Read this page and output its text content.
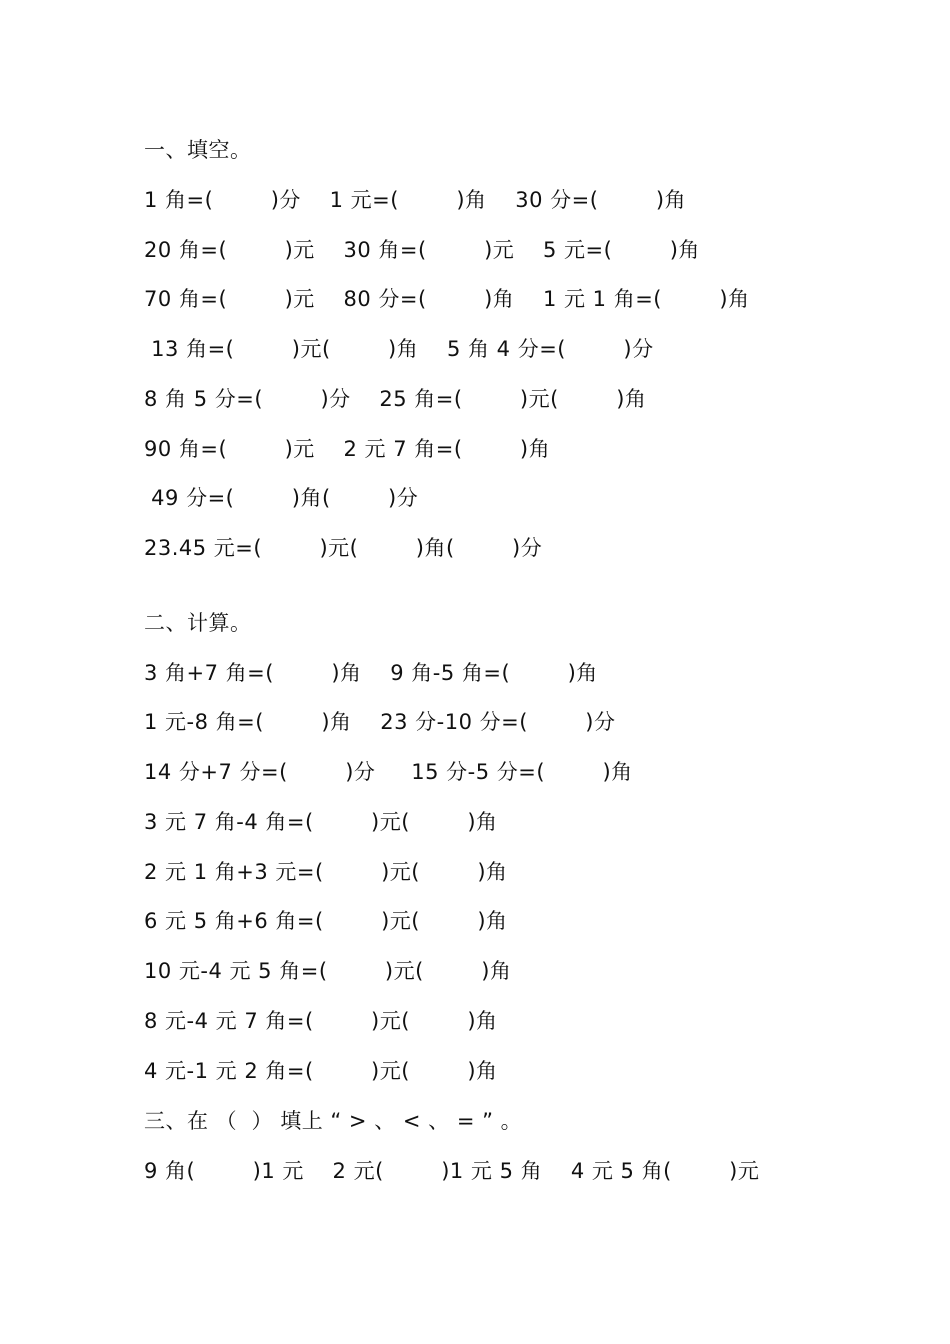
一、填空。
1 角=(        )分    1 元=(        )角    30 分=(        )角
20 角=(        )元    30 角=(        )元    5 元=(        )角
70 角=(        )元    80 分=(        )角    1 元 1 角=(        )角
13 角=(        )元(        )角    5 角 4 分=(        )分
8 角 5 分=(        )分    25 角=(        )元(        )角
90 角=(        )元    2 元 7 角=(        )角
49 分=(        )角(        )分
23.45 元=(        )元(        )角(        )分
二、计算。
3 角+7 角=(        )角    9 角-5 角=(        )角
1 元-8 角=(        )角    23 分-10 分=(        )分
14 分+7 分=(        )分     15 分-5 分=(        )角
3 元 7 角-4 角=(        )元(        )角
2 元 1 角+3 元=(        )元(        )角
6 元 5 角+6 角=(        )元(        )角
10 元-4 元 5 角=(        )元(        )角
8 元-4 元 7 角=(        )元(        )角
4 元-1 元 2 角=(        )元(        )角
三、在 （  ） 填上 “ > 、 < 、 = ” 。
9 角(        )1 元    2 元(        )1 元 5 角    4 元 5 角(        )元
